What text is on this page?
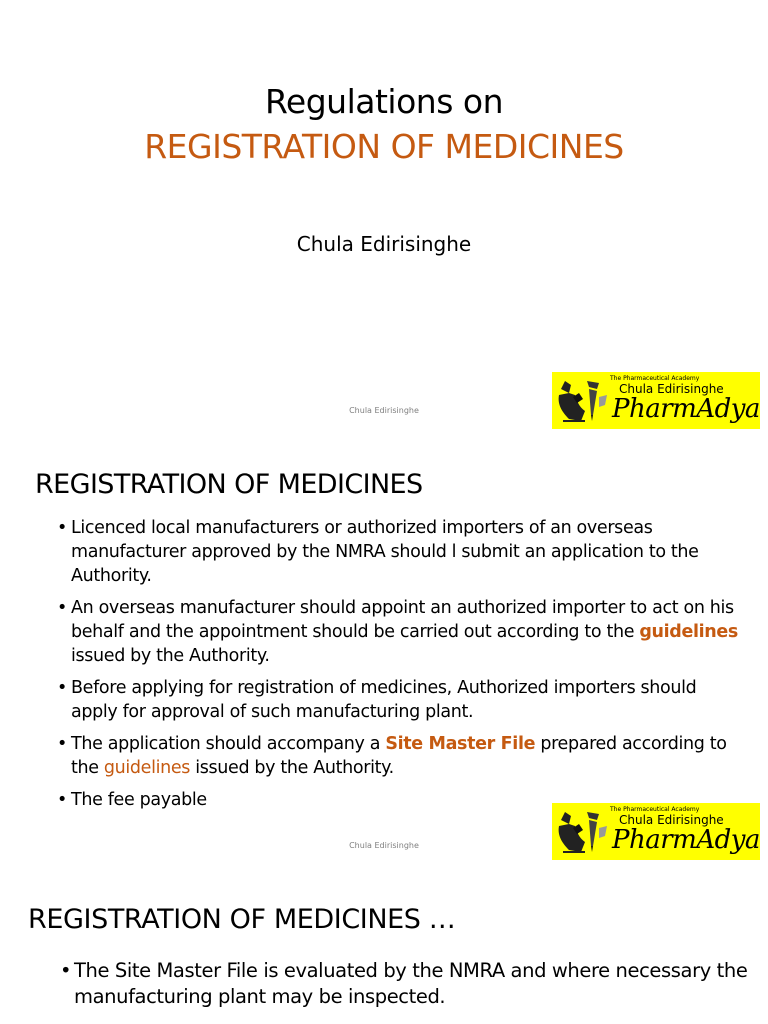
Regulations on
REGISTRATION OF MEDICINES
Chula Edirisinghe
Chula Edirisinghe
The Pharmaceutical Academy
Chula Edirisinghe
PharmAdya
REGISTRATION OF MEDICINES
• Licenced local manufacturers or authorized importers of an overseas manufacturer approved by the NMRA should l submit an application to the Authority.
• An overseas manufacturer should appoint an authorized importer to act on his behalf and the appointment should be carried out according to the guidelines issued by the Authority.
• Before applying for registration of medicines, Authorized importers should apply for approval of such manufacturing plant.
• The application should accompany a Site Master File prepared according to the guidelines issued by the Authority.
• The fee payable
Chula Edirisinghe
The Pharmaceutical Academy
Chula Edirisinghe
PharmAdya
REGISTRATION OF MEDICINES …
• The Site Master File is evaluated by the NMRA and where necessary the manufacturing plant may be inspected.
